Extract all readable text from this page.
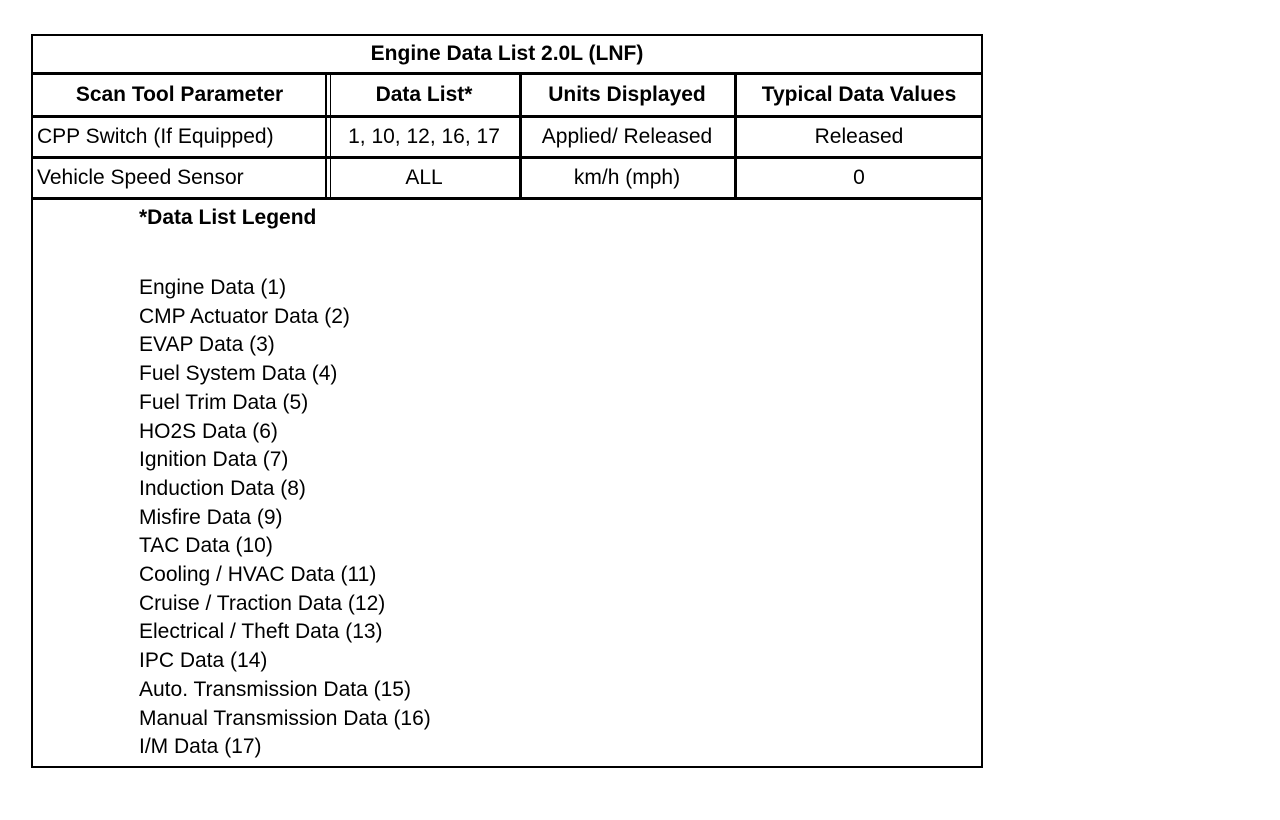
Engine Data List 2.0L (LNF)
Scan Tool Parameter	Data List*	Units Displayed	Typical Data Values
CPP Switch (If Equipped)	1, 10, 12, 16, 17	Applied/ Released	Released
Vehicle Speed Sensor	ALL	km/h (mph)	0
*Data List Legend
Engine Data (1)
CMP Actuator Data (2)
EVAP Data (3)
Fuel System Data (4)
Fuel Trim Data (5)
HO2S Data (6)
Ignition Data (7)
Induction Data (8)
Misfire Data (9)
TAC Data (10)
Cooling / HVAC Data (11)
Cruise / Traction Data (12)
Electrical / Theft Data (13)
IPC Data (14)
Auto. Transmission Data (15)
Manual Transmission Data (16)
I/M Data (17)
